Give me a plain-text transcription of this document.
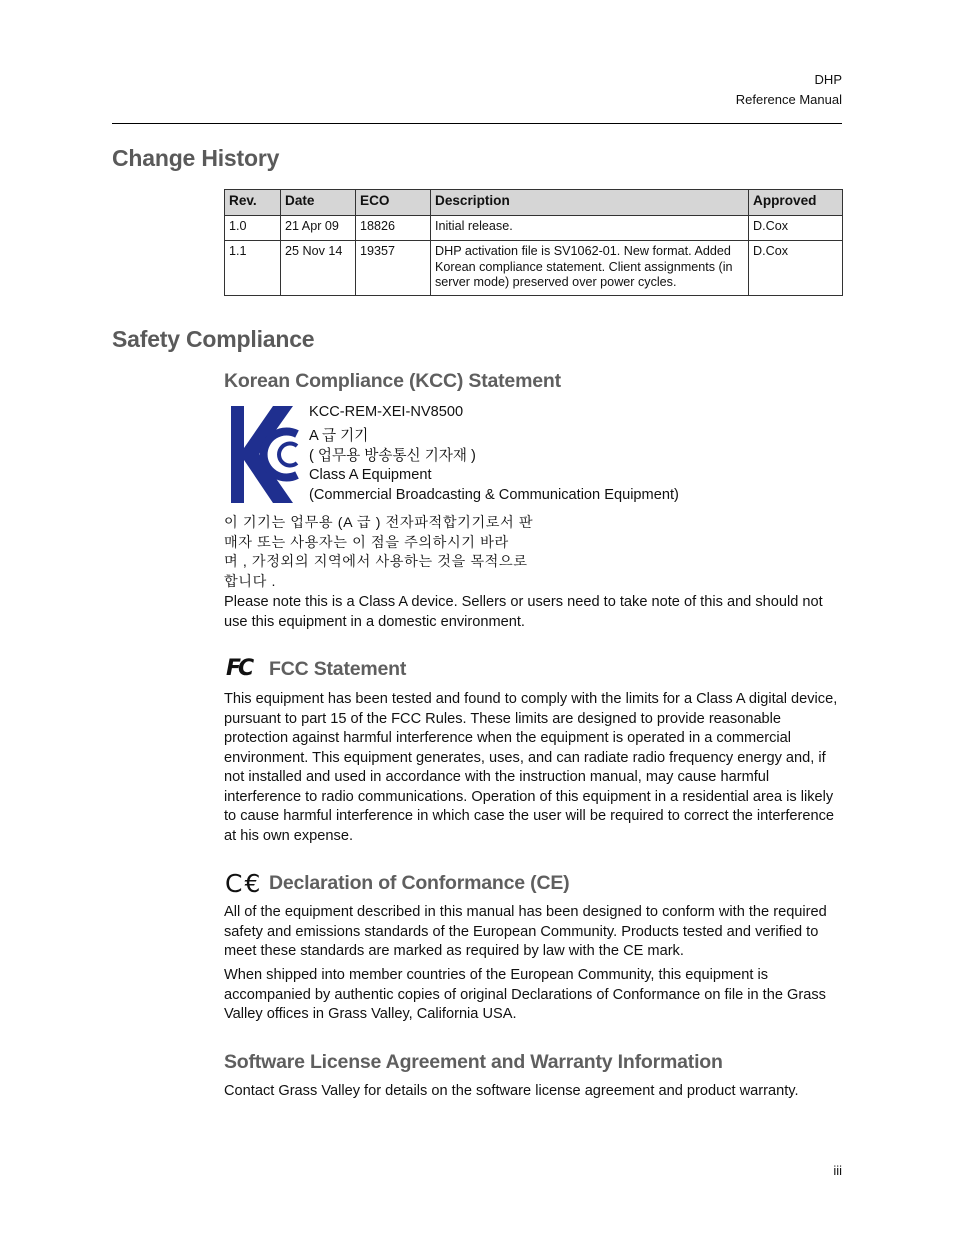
DHP
Reference Manual
Change History
Rev.	Date	ECO	Description	Approved
1.0	21 Apr 09	18826	Initial release.	D.Cox
1.1	25 Nov 14	19357	DHP activation file is SV1062-01. New format. Added Korean compliance statement. Client assignments (in server mode) preserved over power cycles.	D.Cox
Safety Compliance
Korean Compliance (KCC) Statement
KCC-REM-XEI-NV8500
A 급 기기
( 업무용 방송통신 기자재 )
Class A Equipment
(Commercial Broadcasting & Communication Equipment)
이 기기는 업무용 (A 급 ) 전자파적합기기로서 판
매자 또는 사용자는 이 점을 주의하시기 바라
며 , 가정외의 지역에서 사용하는 것을 목적으로
합니다 .
Please note this is a Class A device. Sellers or users need to take note of this and should not use this equipment in a domestic environment.
FC FCC Statement
This equipment has been tested and found to comply with the limits for a Class A digital device, pursuant to part 15 of the FCC Rules. These limits are designed to provide reasonable protection against harmful interference when the equipment is operated in a commercial environment. This equipment generates, uses, and can radiate radio frequency energy and, if not installed and used in accordance with the instruction manual, may cause harmful interference to radio communications. Operation of this equipment in a residential area is likely to cause harmful interference in which case the user will be required to correct the interference at his own expense.
C€ Declaration of Conformance (CE)
All of the equipment described in this manual has been designed to conform with the required safety and emissions standards of the European Community. Products tested and verified to meet these standards are marked as required by law with the CE mark.
When shipped into member countries of the European Community, this equipment is accompanied by authentic copies of original Declarations of Conformance on file in the Grass Valley offices in Grass Valley, California USA.
Software License Agreement and Warranty Information
Contact Grass Valley for details on the software license agreement and product warranty.
iii
